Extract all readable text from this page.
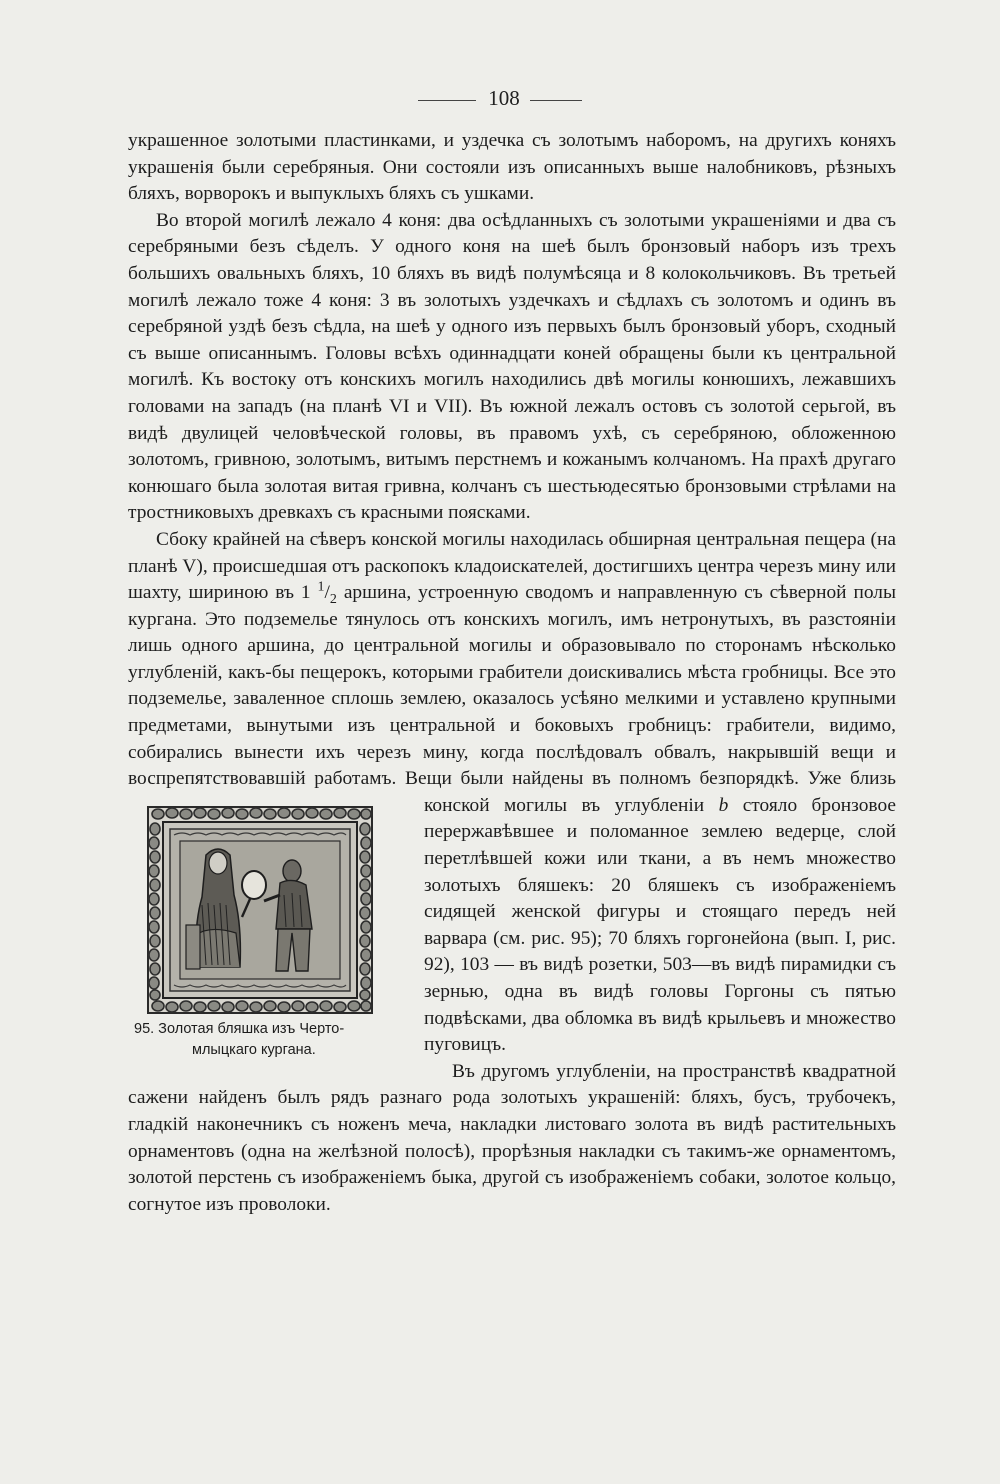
108

украшенное золотыми пластинками, и уздечка съ золотымъ наборомъ, на другихъ коняхъ украшенія были серебряныя. Они состояли изъ описанныхъ выше налобниковъ, рѣзныхъ бляхъ, ворворокъ и выпуклыхъ бляхъ съ ушками.

Во второй могилѣ лежало 4 коня: два осѣдланныхъ съ золотыми украшеніями и два съ серебряными безъ сѣделъ. У одного коня на шеѣ былъ бронзовый наборъ изъ трехъ большихъ овальныхъ бляхъ, 10 бляхъ въ видѣ полумѣсяца и 8 колокольчиковъ. Въ третьей могилѣ лежало тоже 4 коня: 3 въ золотыхъ уздечкахъ и сѣдлахъ съ золотомъ и одинъ въ серебряной уздѣ безъ сѣдла, на шеѣ у одного изъ первыхъ былъ бронзовый уборъ, сходный съ выше описаннымъ. Головы всѣхъ одиннадцати коней обращены были къ центральной могилѣ. Къ востоку отъ конскихъ могилъ находились двѣ могилы конюшихъ, лежавшихъ головами на западъ (на планѣ VI и VII). Въ южной лежалъ остовъ съ золотой серьгой, въ видѣ двулицей человѣческой головы, въ правомъ ухѣ, съ серебряною, обложенною золотомъ, гривною, золотымъ, витымъ перстнемъ и кожанымъ колчаномъ. На прахѣ другаго конюшаго была золотая витая гривна, колчанъ съ шестьюдесятью бронзовыми стрѣлами на тростниковыхъ древкахъ съ красными поясками.

Сбоку крайней на сѣверъ конской могилы находилась обширная центральная пещера (на планѣ V), происшедшая отъ раскопокъ кладоискателей, достигшихъ центра черезъ мину или шахту, шириною въ 1 $^1/_2$ аршина, устроенную сводомъ и направленную съ сѣверной полы кургана. Это подземелье тянулось отъ конскихъ могилъ, имъ нетронутыхъ, въ разстояніи лишь одного аршина, до центральной могилы и образовывало по сторонамъ нѣсколько углубленій, какъ-бы пещерокъ, которыми грабители доискивались мѣста гробницы. Все это подземелье, заваленное сплошь землею, оказалось усѣяно мелкими и уставлено крупными предметами, вынутыми изъ центральной и боковыхъ гробницъ: грабители, видимо, собирались вынести ихъ черезъ мину, когда послѣдовалъ обвалъ, накрывшій вещи и воспрепятствовавшій работамъ. Вещи были найдены въ полномъ безпорядкѣ. Уже близь конской могилы въ углубленіи
95. Золотая бляшка изъ Черто-
млыцкаго кургана.
b стояло бронзовое перержавѣвшее и поломанное землею ведерце, слой перетлѣвшей кожи или ткани, а въ немъ множество золотыхъ бляшекъ: 20 бляшекъ съ изображеніемъ сидящей женской фигуры и стоящаго передъ ней варвара (см. рис. 95); 70 бляхъ горгонейона (вып. I, рис. 92), 103 — въ видѣ розетки, 503—въ видѣ пирамидки съ зернью, одна въ видѣ головы Горгоны съ пятью подвѣсками, два обломка въ видѣ крыльевъ и множество пуговицъ.

Въ другомъ углубленіи, на пространствѣ квадратной сажени найденъ былъ рядъ разнаго рода золотыхъ украшеній: бляхъ, бусъ, трубочекъ, гладкій наконечникъ съ ноженъ меча, накладки листоваго золота въ видѣ растительныхъ орнаментовъ (одна на желѣзной полосѣ), прорѣзныя накладки съ такимъ-же орнаментомъ, золотой перстень съ изображеніемъ быка, другой съ изображеніемъ собаки, золотое кольцо, согнутое изъ проволоки.
